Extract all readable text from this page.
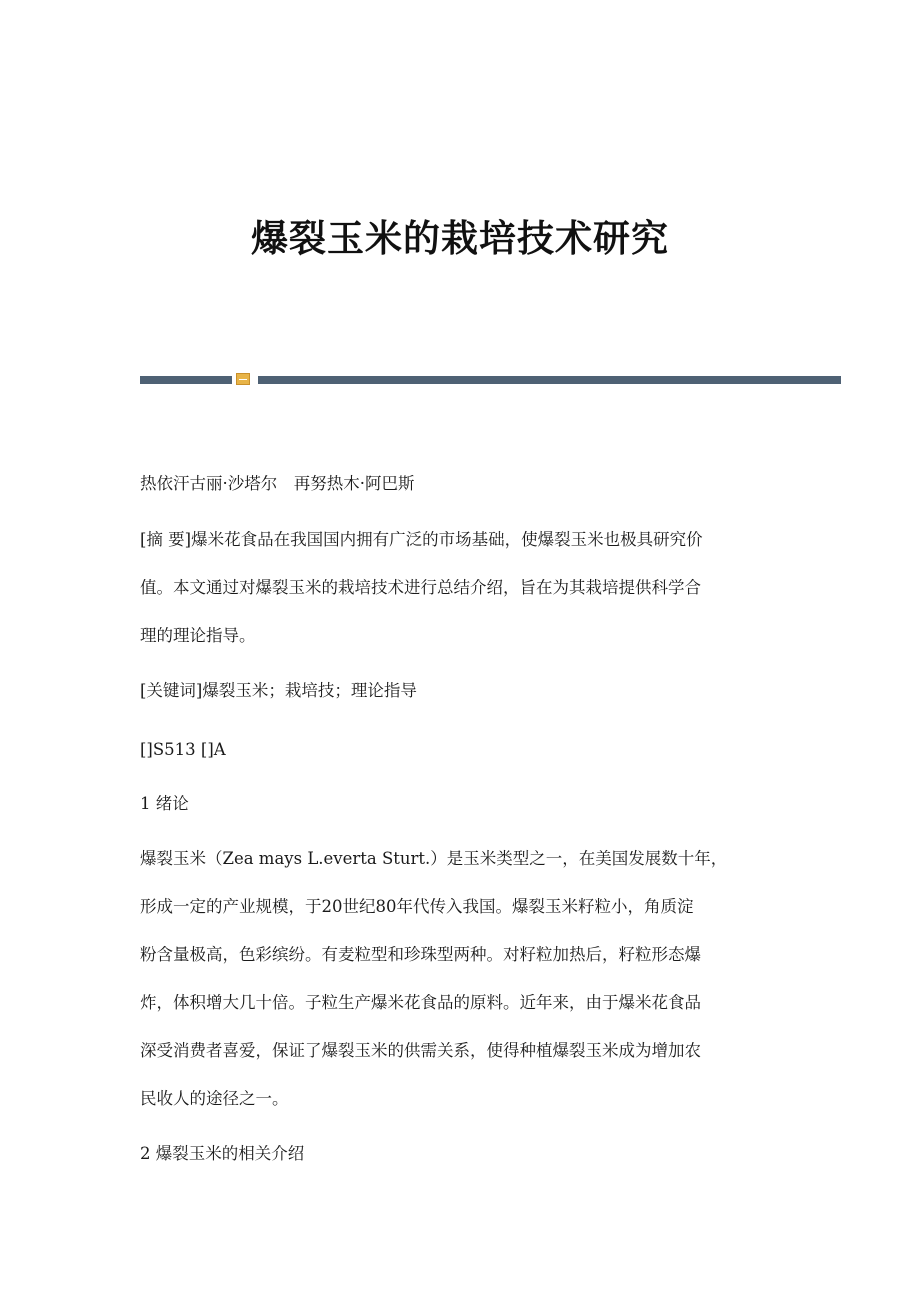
爆裂玉米的栽培技术研究
热依汗古丽·沙塔尔　再努热木·阿巴斯
[摘 要]爆米花食品在我国国内拥有广泛的市场基础，使爆裂玉米也极具研究价
值。本文通过对爆裂玉米的栽培技术进行总结介绍，旨在为其栽培提供科学合
理的理论指导。
[关键词]爆裂玉米；栽培技；理论指导
[]S513 []A
1 绪论
爆裂玉米（Zea mays L.everta Sturt.）是玉米类型之一，在美国发展数十年，
形成一定的产业规模，于20世纪80年代传入我国。爆裂玉米籽粒小，角质淀
粉含量极高，色彩缤纷。有麦粒型和珍珠型两种。对籽粒加热后，籽粒形态爆
炸，体积增大几十倍。子粒生产爆米花食品的原料。近年来，由于爆米花食品
深受消费者喜爱，保证了爆裂玉米的供需关系，使得种植爆裂玉米成为增加农
民收人的途径之一。
2 爆裂玉米的相关介绍
